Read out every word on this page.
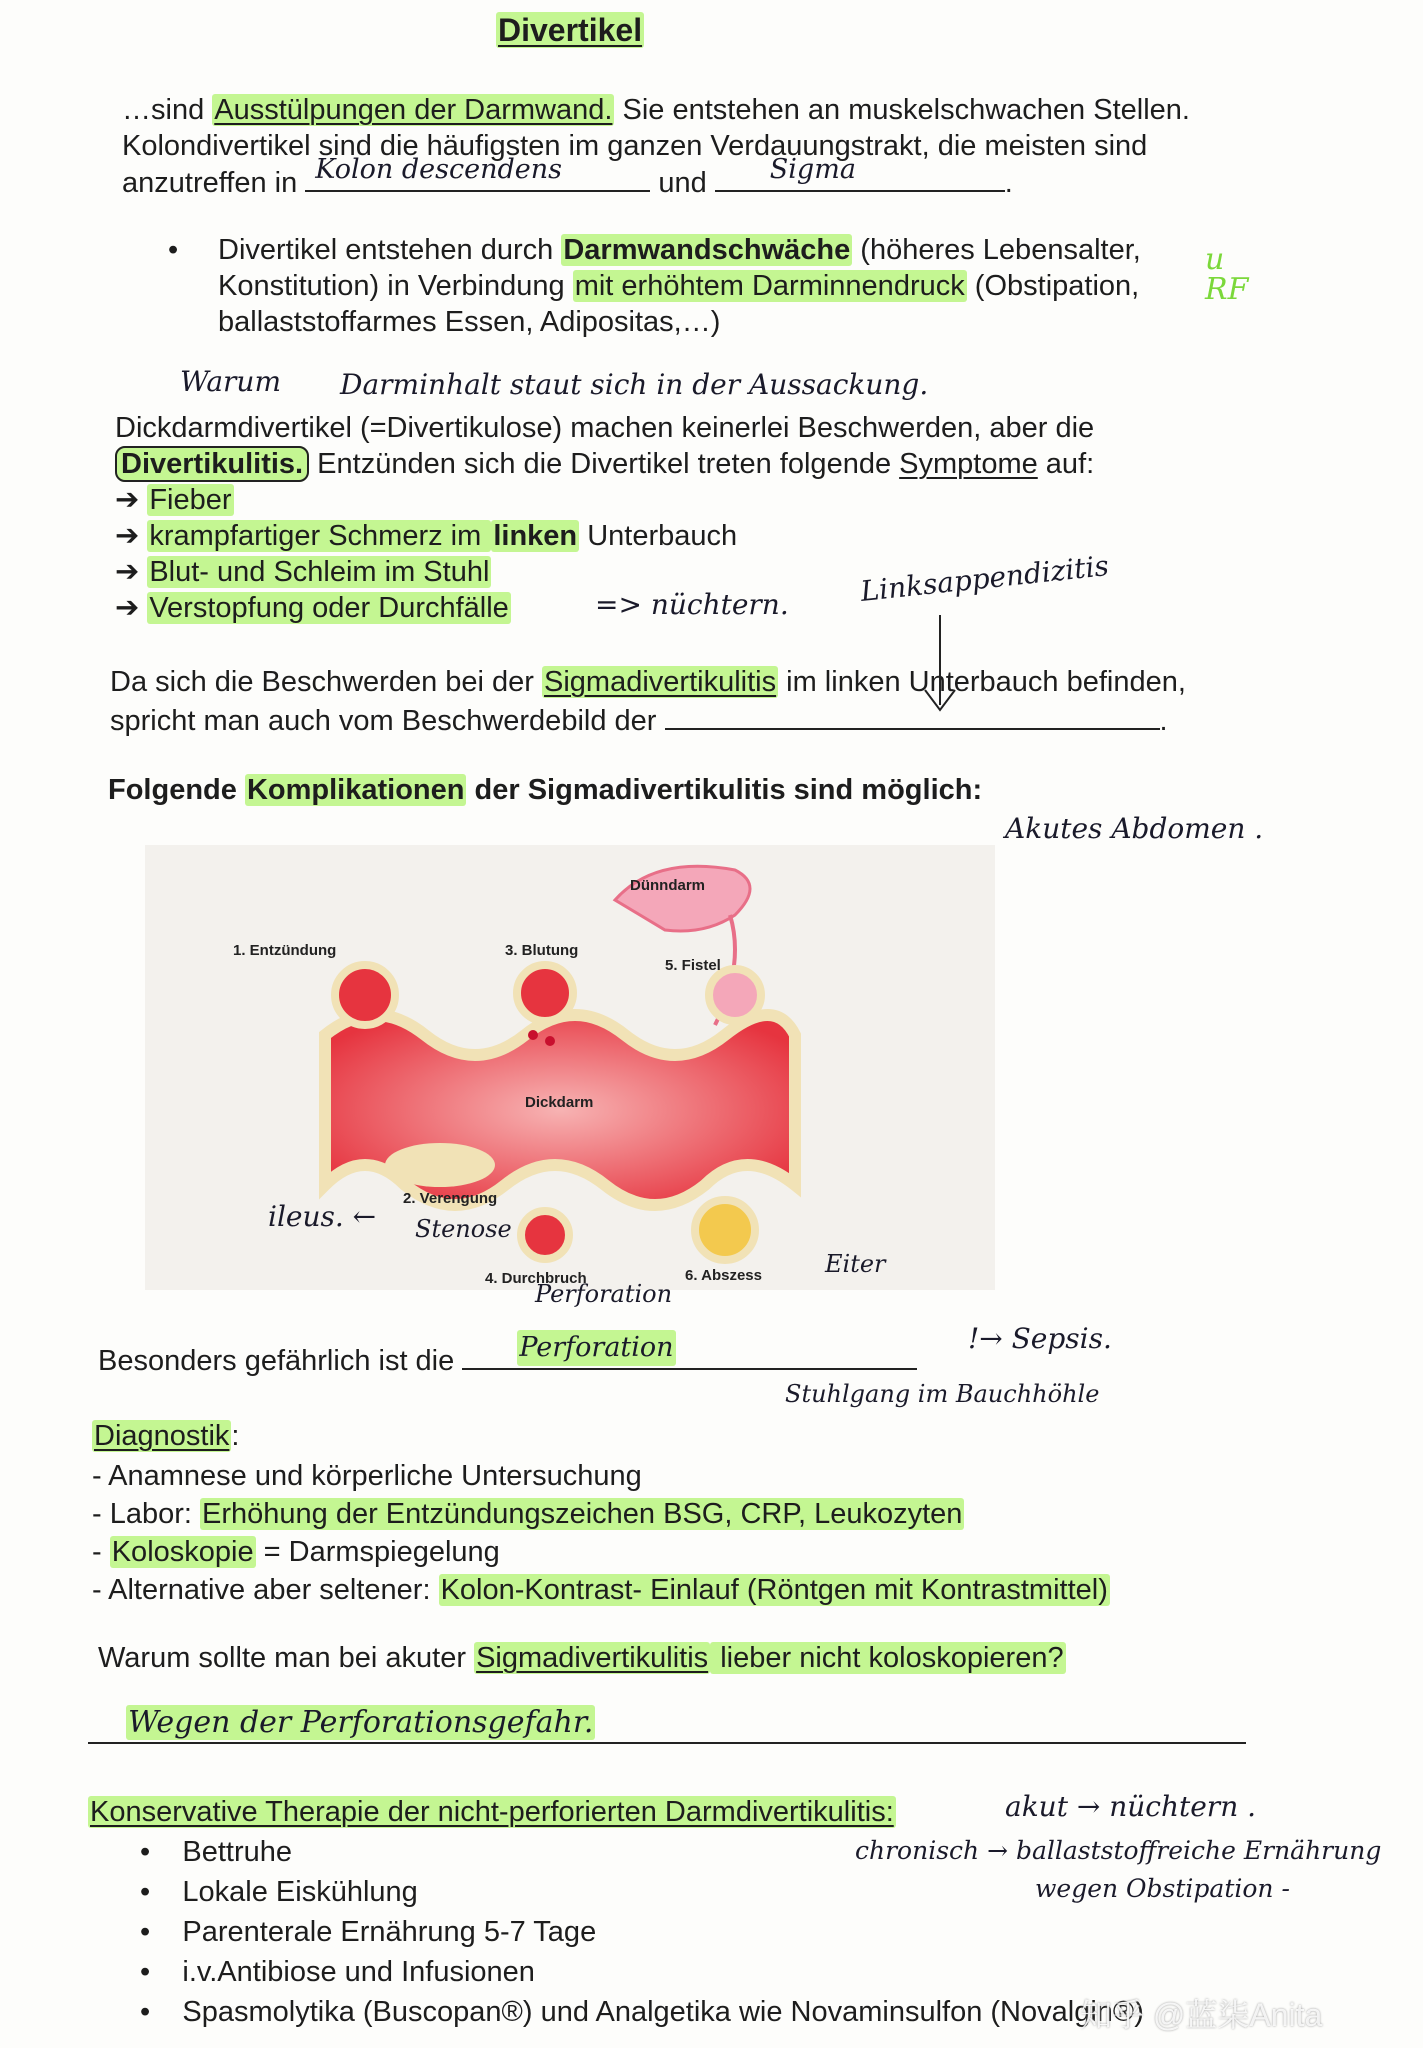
Divertikel
…sind Ausstülpungen der Darmwand. Sie entstehen an muskelschwachen Stellen.
Kolondivertikel sind die häufigsten im ganzen Verdauungstrakt, die meisten sind
anzutreffen in Kolon descendens	und Sigma	.
• Divertikel entstehen durch Darmwandschwäche (höheres Lebensalter,
Konstitution) in Verbindung mit erhöhtem Darminnendruck (Obstipation,
ballaststoffarmes Essen, Adipositas,…)
u RF
Warum Darminhalt staut sich in der Aussackung.
Dickdarmdivertikel (=Divertikulose) machen keinerlei Beschwerden, aber die
Divertikulitis. Entzünden sich die Divertikel treten folgende Symptome auf:
➔ Fieber
➔ krampfartiger Schmerz im linken Unterbauch
➔ Blut- und Schleim im Stuhl
➔ Verstopfung oder Durchfälle	=> nüchtern.	Linksappendizitis
Da sich die Beschwerden bei der Sigmadivertikulitis im linken Unterbauch befinden,
spricht man auch vom Beschwerdebild der	.
Folgende Komplikationen der Sigmadivertikulitis sind möglich:
Akutes Abdomen .
Dünndarm
1. Entzündung	3. Blutung
5. Fistel
Dickdarm
2. Verengung
4. Durchbruch	6. Abszess
ileus. ← Stenose
Perforation
Eiter
Besonders gefährlich ist die Perforation	!→ Sepsis.
Stuhlgang im Bauchhöhle
Diagnostik:
- Anamnese und körperliche Untersuchung
- Labor: Erhöhung der Entzündungszeichen BSG, CRP, Leukozyten
- Koloskopie = Darmspiegelung
- Alternative aber seltener: Kolon-Kontrast- Einlauf (Röntgen mit Kontrastmittel)
Warum sollte man bei akuter Sigmadivertikulitis lieber nicht koloskopieren?
Wegen der Perforationsgefahr.
Konservative Therapie der nicht-perforierten Darmdivertikulitis:	akut → nüchtern .
chronisch → ballaststoffreiche Ernährung
wegen Obstipation -
• Bettruhe
• Lokale Eiskühlung
• Parenterale Ernährung 5-7 Tage
• i.v.Antibiose und Infusionen
• Spasmolytika (Buscopan®) und Analgetika wie Novaminsulfon (Novalgin®)
知乎 @蓝柒Anita
